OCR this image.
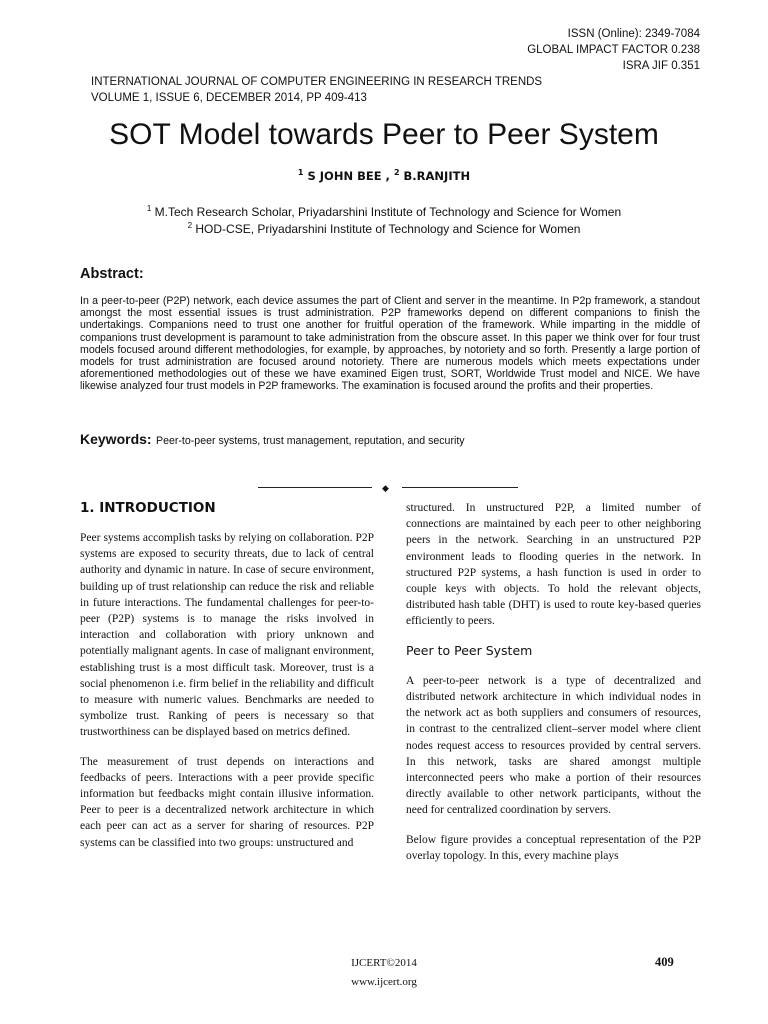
ISSN (Online): 2349-7084
GLOBAL IMPACT FACTOR 0.238
ISRA JIF 0.351
INTERNATIONAL JOURNAL OF COMPUTER ENGINEERING IN RESEARCH TRENDS
VOLUME 1, ISSUE 6, DECEMBER 2014, PP 409-413
SOT Model towards Peer to Peer System
$^1$ S JOHN BEE , $^2$ B.RANJITH
$^1$ M.Tech Research Scholar, Priyadarshini Institute of Technology and Science for Women
$^2$ HOD-CSE, Priyadarshini Institute of Technology and Science for Women
Abstract:
In a peer-to-peer (P2P) network, each device assumes the part of Client and server in the meantime. In P2p framework, a standout amongst the most essential issues is trust administration. P2P frameworks depend on different companions to finish the undertakings. Companions need to trust one another for fruitful operation of the framework. While imparting in the middle of companions trust development is paramount to take administration from the obscure asset. In this paper we think over for four trust models focused around different methodologies, for example, by approaches, by notoriety and so forth. Presently a large portion of models for trust administration are focused around notoriety. There are numerous models which meets expectations under aforementioned methodologies out of these we have examined Eigen trust, SORT, Worldwide Trust model and NICE. We have likewise analyzed four trust models in P2P frameworks. The examination is focused around the profits and their properties.
Keywords: Peer-to-peer systems, trust management, reputation, and security
◆
1. INTRODUCTION

Peer systems accomplish tasks by relying on collaboration. P2P systems are exposed to security threats, due to lack of central authority and dynamic in nature. In case of secure environment, building up of trust relationship can reduce the risk and reliable in future interactions. The fundamental challenges for peer-to-peer (P2P) systems is to manage the risks involved in interaction and collaboration with priory unknown and potentially malignant agents. In case of malignant environment, establishing trust is a most difficult task. Moreover, trust is a social phenomenon i.e. firm belief in the reliability and difficult to measure with numeric values. Benchmarks are needed to symbolize trust. Ranking of peers is necessary so that trustworthiness can be displayed based on metrics defined.

The measurement of trust depends on interactions and feedbacks of peers. Interactions with a peer provide specific information but feedbacks might contain illusive information. Peer to peer is a decentralized network architecture in which each peer can act as a server for sharing of resources. P2P systems can be classified into two groups: unstructured and

structured. In unstructured P2P, a limited number of connections are maintained by each peer to other neighboring peers in the network. Searching in an unstructured P2P environment leads to flooding queries in the network. In structured P2P systems, a hash function is used in order to couple keys with objects. To hold the relevant objects, distributed hash table (DHT) is used to route key-based queries efficiently to peers.

Peer to Peer System

A peer-to-peer network is a type of decentralized and distributed network architecture in which individual nodes in the network act as both suppliers and consumers of resources, in contrast to the centralized client–server model where client nodes request access to resources provided by central servers. In this network, tasks are shared amongst multiple interconnected peers who make a portion of their resources directly available to other network participants, without the need for centralized coordination by servers.

Below figure provides a conceptual representation of the P2P overlay topology. In this, every machine plays

IJCERT©2014
www.ijcert.org
409
